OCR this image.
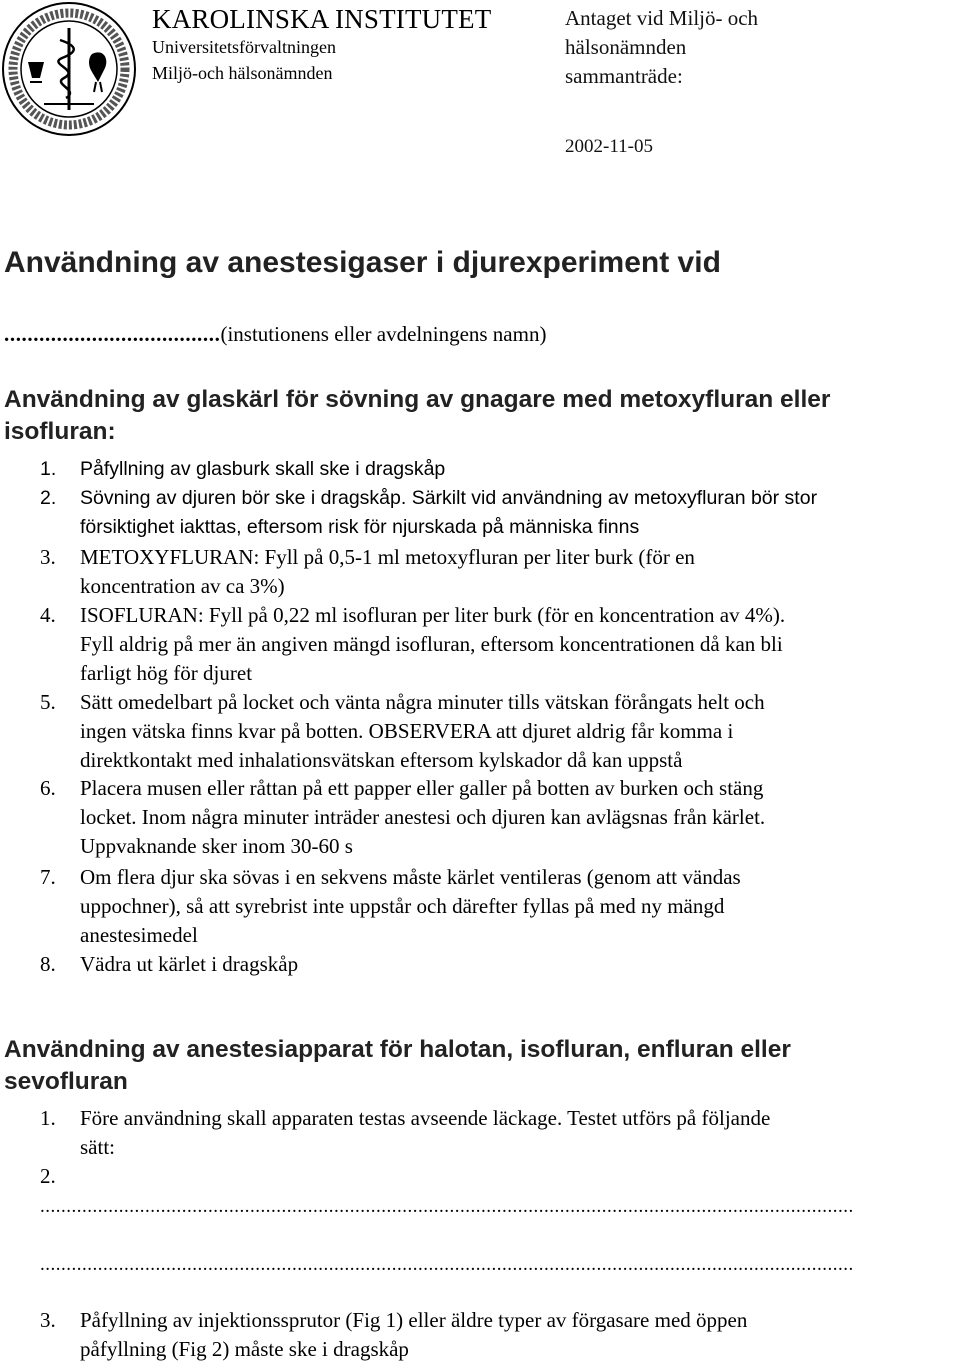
KAROLINSKA INSTITUTET
Universitetsförvaltningen
Miljö-och hälsonämnden
Antaget vid Miljö- och
hälsonämnden
sammanträde:
2002-11-05
Användning av anestesigaser i djurexperiment vid
.....................................(instutionens eller avdelningens namn)
Användning av glaskärl för sövning av gnagare med metoxyfluran eller
isofluran:
1. Påfyllning av glasburk skall ske i dragskåp
2. Sövning av djuren bör ske i dragskåp. Särkilt vid användning av metoxyfluran bör stor
försiktighet iakttas, eftersom risk för njurskada på människa finns
3. METOXYFLURAN: Fyll på 0,5-1 ml metoxyfluran per liter burk (för en
koncentration av ca 3%)
4. ISOFLURAN: Fyll på 0,22 ml isofluran per liter burk (för en koncentration av 4%).
Fyll aldrig på mer än angiven mängd isofluran, eftersom koncentrationen då kan bli
farligt hög för djuret
5. Sätt omedelbart på locket och vänta några minuter tills vätskan förångats helt och
ingen vätska finns kvar på botten. OBSERVERA att djuret aldrig får komma i
direktkontakt med inhalationsvätskan eftersom kylskador då kan uppstå
6. Placera musen eller råttan på ett papper eller galler på botten av burken och stäng
locket. Inom några minuter inträder anestesi och djuren kan avlägsnas från kärlet.
Uppvaknande sker inom 30-60 s
7. Om flera djur ska sövas i en sekvens måste kärlet ventileras (genom att vändas
uppochner), så att syrebrist inte uppstår och därefter fyllas på med ny mängd
anestesimedel
8. Vädra ut kärlet i dragskåp
Användning av anestesiapparat för halotan, isofluran, enfluran eller
sevofluran
1. Före användning skall apparaten testas avseende läckage. Testet utförs på följande
sätt:
2.
...........................................................................................................................................................
...........................................................................................................................................................
3. Påfyllning av injektionssprutor (Fig 1) eller äldre typer av förgasare med öppen
påfyllning (Fig 2) måste ske i dragskåp
